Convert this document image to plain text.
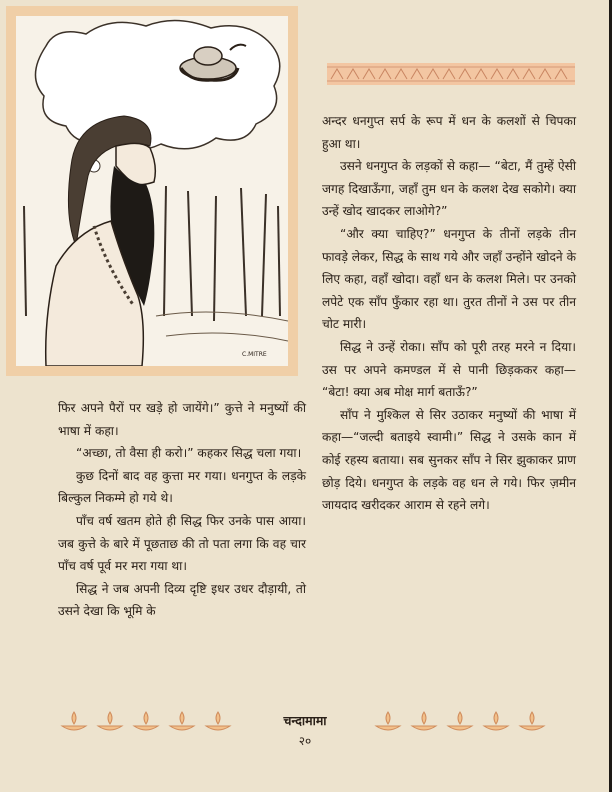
C.MITRE

अन्दर धनगुप्त सर्प के रूप में धन के कलशों से चिपका हुआ था।

उसने धनगुप्त के लड़कों से कहा— “बेटा, मैं तुम्हें ऐसी जगह दिखाऊँगा, जहाँ तुम धन के कलश देख सकोगे। क्या उन्हें खोद खादकर लाओगे?”

“और क्या चाहिए?” धनगुप्त के तीनों लड़के तीन फावड़े लेकर, सिद्ध के साथ गये और जहाँ उन्होंने खोदने के लिए कहा, वहाँ खोदा। वहाँ धन के कलश मिले। पर उनको लपेटे एक साँप फुँकार रहा था। तुरत तीनों ने उस पर तीन चोट मारी।

सिद्ध ने उन्हें रोका। साँप को पूरी तरह मरने न दिया। उस पर अपने कमण्डल में से पानी छिड़ककर कहा— “बेटा! क्या अब मोक्ष मार्ग बताऊँ?”

साँप ने मुश्किल से सिर उठाकर मनुष्यों की भाषा में कहा—“जल्दी बताइये स्वामी।” सिद्ध ने उसके कान में कोई रहस्य बताया। सब सुनकर साँप ने सिर झुकाकर प्राण छोड़ दिये। धनगुप्त के लड़के वह धन ले गये। फिर ज़मीन जायदाद खरीदकर आराम से रहने लगे।

फिर अपने पैरों पर खड़े हो जायेंगे।” कुत्ते ने मनुष्यों की भाषा में कहा।

“अच्छा, तो वैसा ही करो।” कहकर सिद्ध चला गया।

कुछ दिनों बाद वह कुत्ता मर गया। धनगुप्त के लड़के बिल्कुल निकम्मे हो गये थे।

पाँच वर्ष खतम होते ही सिद्ध फिर उनके पास आया। जब कुत्ते के बारे में पूछताछ की तो पता लगा कि वह चार पाँच वर्ष पूर्व मर मरा गया था।

सिद्ध ने जब अपनी दिव्य दृष्टि इधर उधर दौड़ायी, तो उसने देखा कि भूमि के

चन्दामामा
२०
